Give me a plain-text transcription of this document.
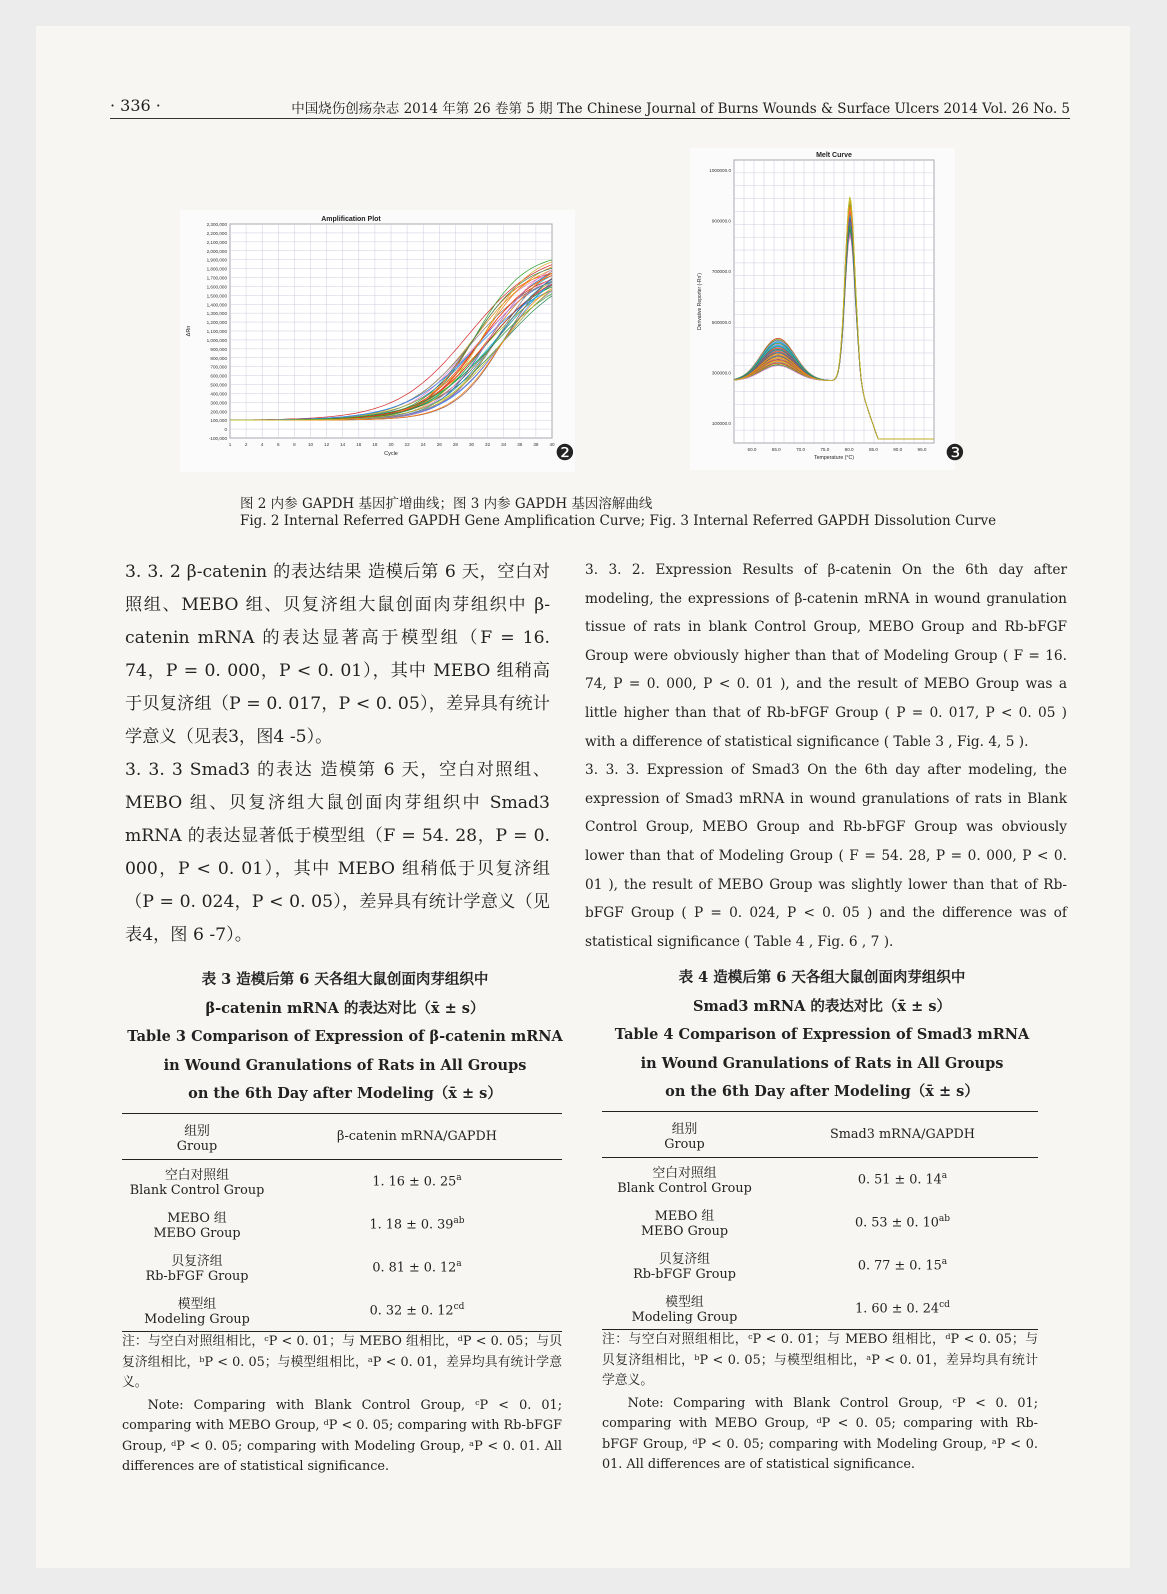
· 336 ·	中国烧伤创疡杂志 2014 年第 26 卷第 5 期 The Chinese Journal of Burns Wounds & Surface Ulcers 2014 Vol. 26 No. 5
2,300,000
2,200,000
2,100,000
2,000,000
1,900,000
1,800,000
1,700,000
1,600,000
1,500,000
1,400,000
1,300,000
1,200,000
1,100,000
1,000,000
900,000
800,000
700,000
600,000
500,000
400,000
300,000
200,000
100,000
0
-100,000
1	2	4	6	8	10 12 14 16 18 20 22 24 26 28 30 32 34 36 38 40
Amplification Plot
Cycle
ΔRn
❷
1000000.0
900000.0
700000.0
500000.0
300000.0
100000.0
60.0	65.0	70.0	75.0	80.0	85.0	90.0	95.0
Melt Curve
Temperature (°C)
Derivative Reporter (-Rn')
❸
图 2 内参 GAPDH 基因扩增曲线；图 3 内参 GAPDH 基因溶解曲线
Fig. 2 Internal Referred GAPDH Gene Amplification Curve; Fig. 3 Internal Referred GAPDH Dissolution Curve

3. 3. 2 β-catenin 的表达结果 造模后第 6 天，空白对照组、MEBO 组、贝复济组大鼠创面肉芽组织中 β-catenin mRNA 的表达显著高于模型组（F = 16. 74，P = 0. 000，P < 0. 01），其中 MEBO 组稍高于贝复济组（P = 0. 017，P < 0. 05），差异具有统计学意义（见表3，图4 -5）。

3. 3. 3 Smad3 的表达 造模第 6 天，空白对照组、MEBO 组、贝复济组大鼠创面肉芽组织中 Smad3 mRNA 的表达显著低于模型组（F = 54. 28，P = 0. 000，P < 0. 01），其中 MEBO 组稍低于贝复济组（P = 0. 024，P < 0. 05），差异具有统计学意义（见表4，图 6 -7）。

3. 3. 2. Expression Results of β-catenin On the 6th day after modeling, the expressions of β-catenin mRNA in wound granulation tissue of rats in blank Control Group, MEBO Group and Rb-bFGF Group were obviously higher than that of Modeling Group ( F = 16. 74, P = 0. 000, P < 0. 01 ), and the result of MEBO Group was a little higher than that of Rb-bFGF Group ( P = 0. 017, P < 0. 05 ) with a difference of statistical significance ( Table 3 , Fig. 4, 5 ).

3. 3. 3. Expression of Smad3 On the 6th day after modeling, the expression of Smad3 mRNA in wound granulations of rats in Blank Control Group, MEBO Group and Rb-bFGF Group was obviously lower than that of Modeling Group ( F = 54. 28, P = 0. 000, P < 0. 01 ), the result of MEBO Group was slightly lower than that of Rb-bFGF Group ( P = 0. 024, P < 0. 05 ) and the difference was of statistical significance ( Table 4 , Fig. 6 , 7 ).

表 3 造模后第 6 天各组大鼠创面肉芽组织中
β-catenin mRNA 的表达对比（x̄ ± s）
Table 3 Comparison of Expression of β-catenin mRNA
in Wound Granulations of Rats in All Groups
on the 6th Day after Modeling（x̄ ± s）
组别
Group	β-catenin mRNA/GAPDH

空白对照组
Blank Control Group	1. 16 ± 0. 25$^a$

MEBO 组
MEBO Group	1. 18 ± 0. $39^{ab}$

贝复济组
Rb-bFGF Group	0. 81 ± 0. 12$^a$

模型组
Modeling Group	0. 32 ± 0. $12^{cd}$
注：与空白对照组相比，ᶜP < 0. 01；与 MEBO 组相比，ᵈP < 0. 05；与贝复济组相比，ᵇP < 0. 05；与模型组相比，ᵃP < 0. 01，差异均具有统计学意义。
Note: Comparing with Blank Control Group, ᶜP < 0. 01; comparing with MEBO Group, ᵈP < 0. 05; comparing with Rb-bFGF Group, ᵈP < 0. 05; comparing with Modeling Group, ᵃP < 0. 01. All differences are of statistical significance.
表 4 造模后第 6 天各组大鼠创面肉芽组织中
Smad3 mRNA 的表达对比（x̄ ± s）
Table 4 Comparison of Expression of Smad3 mRNA
in Wound Granulations of Rats in All Groups
on the 6th Day after Modeling（x̄ ± s）
组别
Group	Smad3 mRNA/GAPDH

空白对照组
Blank Control Group	0. 51 ± 0. 14$^a$

MEBO 组
MEBO Group	0. 53 ± 0. $10^{ab}$

贝复济组
Rb-bFGF Group	0. 77 ± 0. 15$^a$

模型组
Modeling Group	1. 60 ± 0. $24^{cd}$
注：与空白对照组相比，ᶜP < 0. 01；与 MEBO 组相比，ᵈP < 0. 05；与贝复济组相比，ᵇP < 0. 05；与模型组相比，ᵃP < 0. 01，差异均具有统计学意义。
Note: Comparing with Blank Control Group, ᶜP < 0. 01; comparing with MEBO Group, ᵈP < 0. 05; comparing with Rb-bFGF Group, ᵈP < 0. 05; comparing with Modeling Group, ᵃP < 0. 01. All differences are of statistical significance.
